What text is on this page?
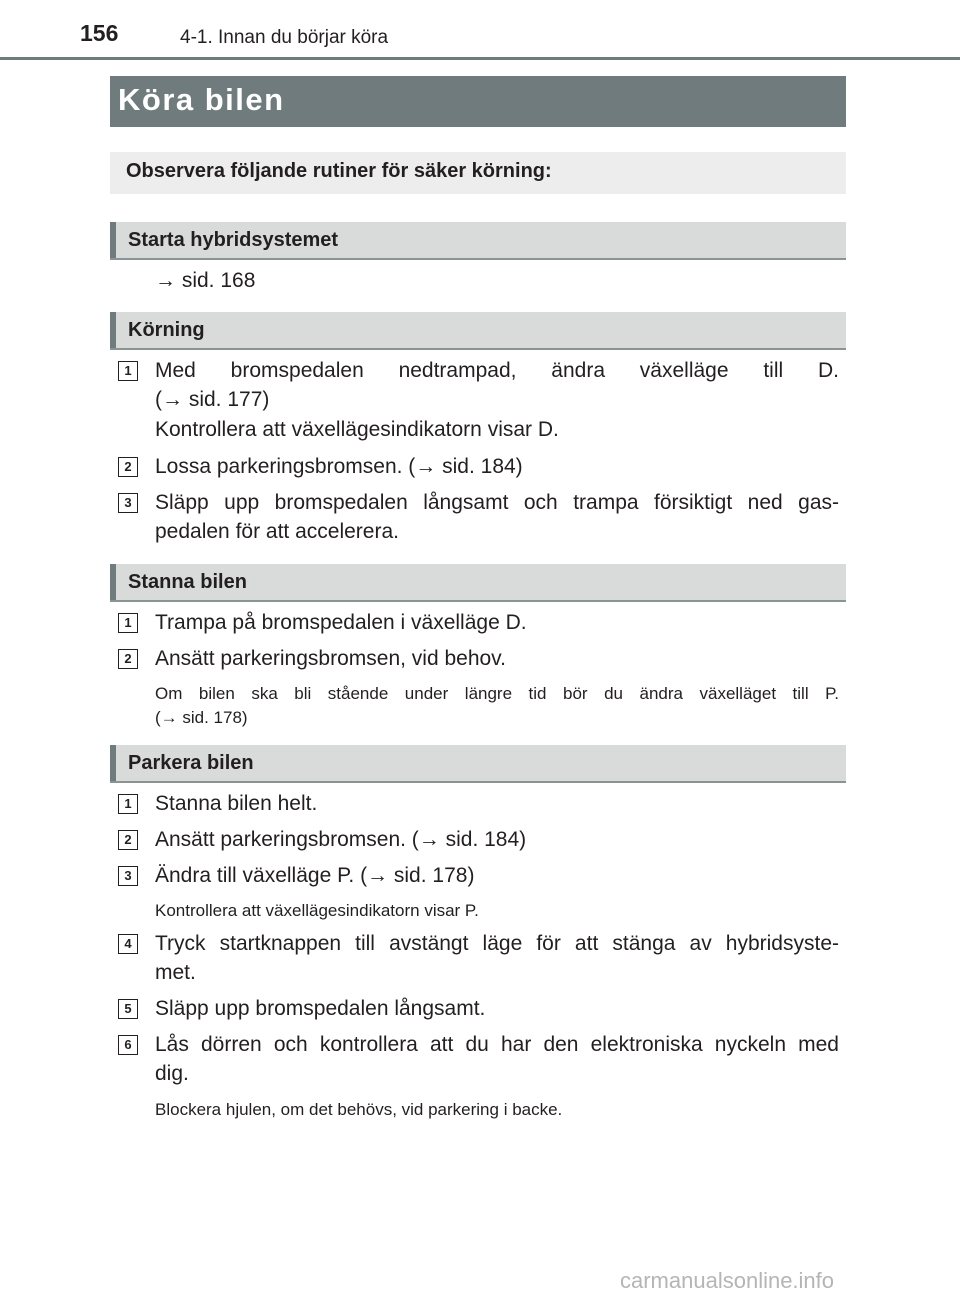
156	4-1. Innan du börjar köra
Köra bilen
Observera följande rutiner för säker körning:
Starta hybridsystemet
→ sid. 168
Körning
1	Med bromspedalen nedtrampad, ändra växelläge till D.
(→ sid. 177)
Kontrollera att växellägesindikatorn visar D.
2	Lossa parkeringsbromsen. (→ sid. 184)
3	Släpp upp bromspedalen långsamt och trampa försiktigt ned gas-
pedalen för att accelerera.
Stanna bilen
1	Trampa på bromspedalen i växelläge D.
2	Ansätt parkeringsbromsen, vid behov.
Om bilen ska bli stående under längre tid bör du ändra växelläget till P.
(→ sid. 178)
Parkera bilen
1	Stanna bilen helt.
2	Ansätt parkeringsbromsen. (→ sid. 184)
3	Ändra till växelläge P. (→ sid. 178)
Kontrollera att växellägesindikatorn visar P.
4	Tryck startknappen till avstängt läge för att stänga av hybridsyste-
met.
5	Släpp upp bromspedalen långsamt.
6	Lås dörren och kontrollera att du har den elektroniska nyckeln med
dig.
Blockera hjulen, om det behövs, vid parkering i backe.
carmanualsonline.info
